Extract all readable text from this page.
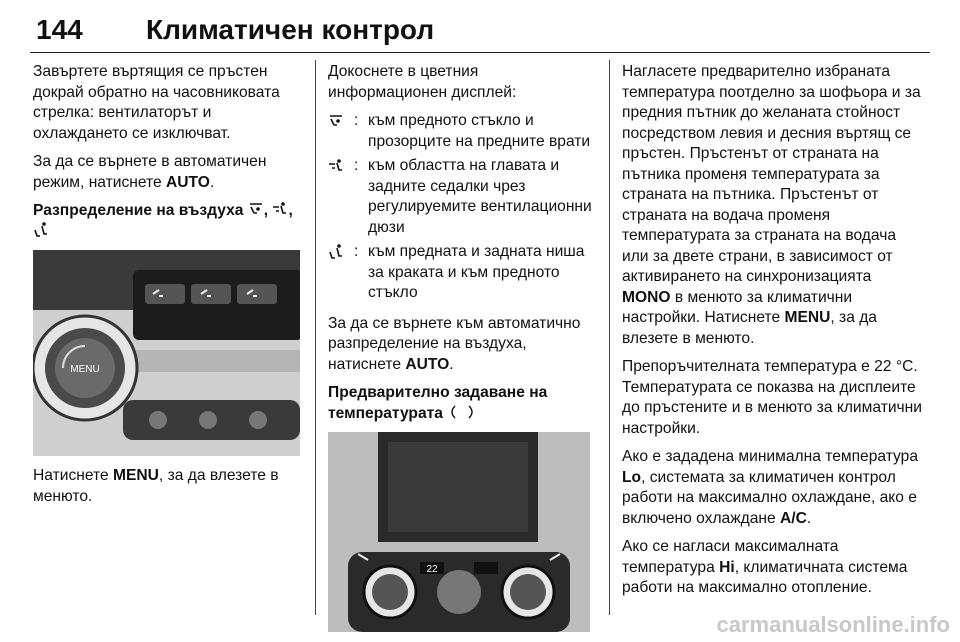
144 Климатичен контрол

Завъртете въртящия се пръстен докрай обратно на часовниковата стрелка: вентилаторът и охлаждането се изключват.

За да се върнете в автоматичен режим, натиснете AUTO.

Разпределение на въздуха , ,
MENU

Натиснете MENU, за да влезете в менюто.

Докоснете в цветния информационен дисплей:

: към предното стъкло и прозорците на предните врати
: към областта на главата и задните седалки чрез регулируемите вентилационни дюзи
: към предната и задната ниша за краката и към предното стъкло

За да се върнете към автоматично разпределение на въздуха, натиснете AUTO.

Предварително задаване на температурата
22

Нагласете предварително избраната температура поотделно за шофьора и за предния пътник до желаната стойност посредством левия и десния въртящ се пръстен. Пръстенът от страната на пътника променя температурата за страната на пътника. Пръстенът от страната на водача променя температурата за страната на водача или за двете страни, в зависимост от активирането на синхронизацията MONO в менюто за климатични настройки. Натиснете MENU, за да влезете в менюто.

Препоръчителната температура е 22 °C. Температурата се показва на дисплеите до пръстените и в менюто за климатични настройки.

Ако е зададена минимална температура Lo, системата за климатичен контрол работи на максимално охлаждане, ако е включено охлаждане A/C.

Ако се нагласи максималната температура Hi, климатичната система работи на максимално отопление.

carmanualsonline.info
